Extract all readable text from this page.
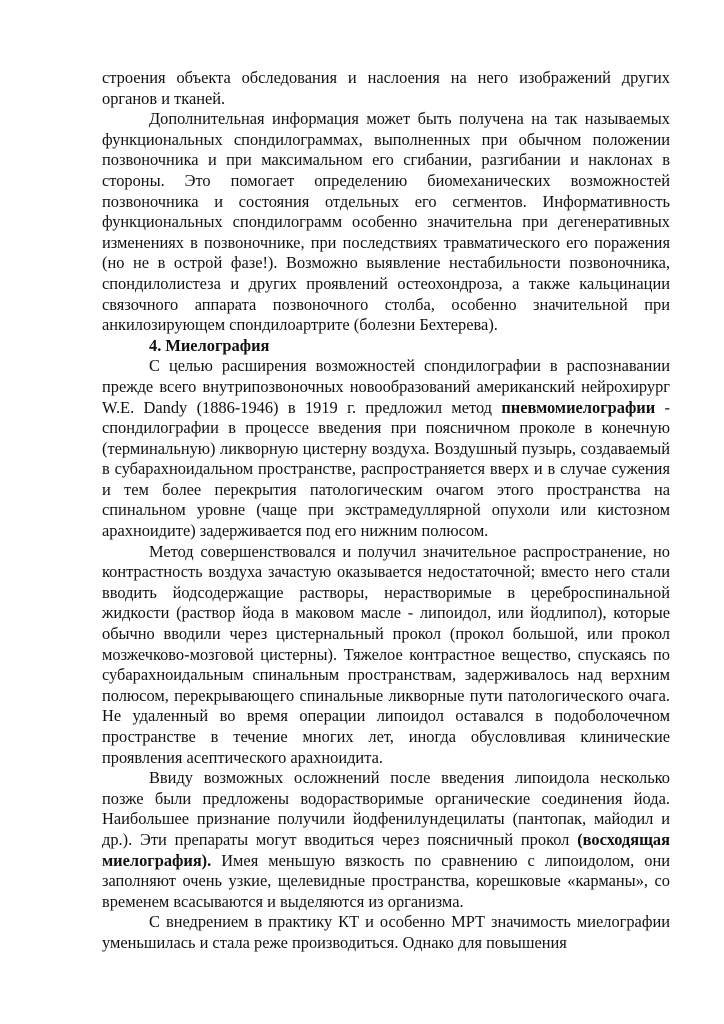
строения объекта обследования и наслоения на него изображений других органов и тканей.

Дополнительная информация может быть получена на так называемых функциональных спондилограммах, выполненных при обычном положении позвоночника и при максимальном его сгибании, разгибании и наклонах в стороны. Это помогает определению биомеханических возможностей позвоночника и состояния отдельных его сегментов. Информативность функциональных спондилограмм особенно значительна при дегенеративных изменениях в позвоночнике, при последствиях травматического его поражения (но не в острой фазе!). Возможно выявление нестабильности позвоночника, спондилолистеза и других проявлений остеохондроза, а также кальцинации связочного аппарата позвоночного столба, особенно значительной при анкилозирующем спондилоартрите (болезни Бехтерева).

4. Миелография

С целью расширения возможностей спондилографии в распознавании прежде всего внутрипозвоночных новообразований американский нейрохирург W.E. Dandy (1886-1946) в 1919 г. предложил метод пневмомиелографии - спондилографии в процессе введения при поясничном проколе в конечную (терминальную) ликворную цистерну воздуха. Воздушный пузырь, создаваемый в субарахноидальном пространстве, распространяется вверх и в случае сужения и тем более перекрытия патологическим очагом этого пространства на спинальном уровне (чаще при экстрамедуллярной опухоли или кистозном арахноидите) задерживается под его нижним полюсом.

Метод совершенствовался и получил значительное распространение, но контрастность воздуха зачастую оказывается недостаточной; вместо него стали вводить йодсодержащие растворы, нерастворимые в цереброспинальной жидкости (раствор йода в маковом масле - липоидол, или йодлипол), которые обычно вводили через цистернальный прокол (прокол большой, или прокол мозжечково-мозговой цистерны). Тяжелое контрастное вещество, спускаясь по субарахноидальным спинальным пространствам, задерживалось над верхним полюсом, перекрывающего спинальные ликворные пути патологического очага. Не удаленный во время операции липоидол оставался в подоболочечном пространстве в течение многих лет, иногда обусловливая клинические проявления асептического арахноидита.

Ввиду возможных осложнений после введения липоидола несколько позже были предложены водорастворимые органические соединения йода. Наибольшее признание получили йодфенилундецилаты (пантопак, майодил и др.). Эти препараты могут вводиться через поясничный прокол (восходящая миелография). Имея меньшую вязкость по сравнению с липоидолом, они заполняют очень узкие, щелевидные пространства, корешковые «карманы», со временем всасываются и выделяются из организма.

С внедрением в практику КТ и особенно МРТ значимость миелографии уменьшилась и стала реже производиться. Однако для повышения
